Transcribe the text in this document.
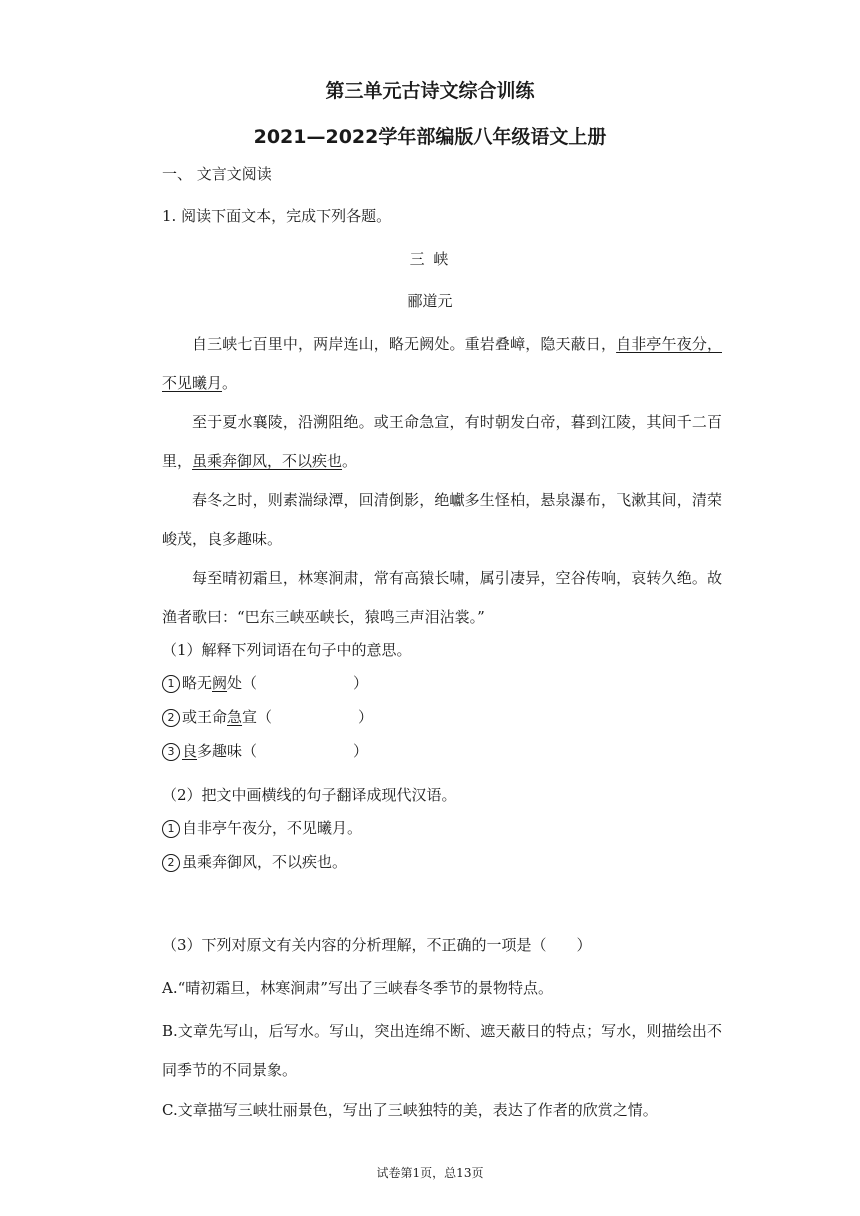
第三单元古诗文综合训练
2021—2022学年部编版八年级语文上册
一、 文言文阅读
1. 阅读下面文本，完成下列各题。
三 峡
郦道元
自三峡七百里中，两岸连山，略无阙处。重岩叠嶂，隐天蔽日，自非亭午夜分，不见曦月。
至于夏水襄陵，沿溯阻绝。或王命急宣，有时朝发白帝，暮到江陵，其间千二百里，虽乘奔御风，不以疾也。
春冬之时，则素湍绿潭，回清倒影，绝巘多生怪柏，悬泉瀑布，飞漱其间，清荣峻茂，良多趣味。
每至晴初霜旦，林寒涧肃，常有高猿长啸，属引凄异，空谷传响，哀转久绝。故渔者歌曰：“巴东三峡巫峡长，猿鸣三声泪沾裳。”
（1）解释下列词语在句子中的意思。
1 略无阙处（	）
2 或王命急宣（	）
3 良多趣味（	）
（2）把文中画横线的句子翻译成现代汉语。
1 自非亭午夜分，不见曦月。
2 虽乘奔御风，不以疾也。
（3）下列对原文有关内容的分析理解，不正确的一项是（　　）
A.“晴初霜旦，林寒涧肃”写出了三峡春冬季节的景物特点。
B.文章先写山，后写水。写山，突出连绵不断、遮天蔽日的特点；写水，则描绘出不同季节的不同景象。
C.文章描写三峡壮丽景色，写出了三峡独特的美，表达了作者的欣赏之情。
试卷第1页，总13页
